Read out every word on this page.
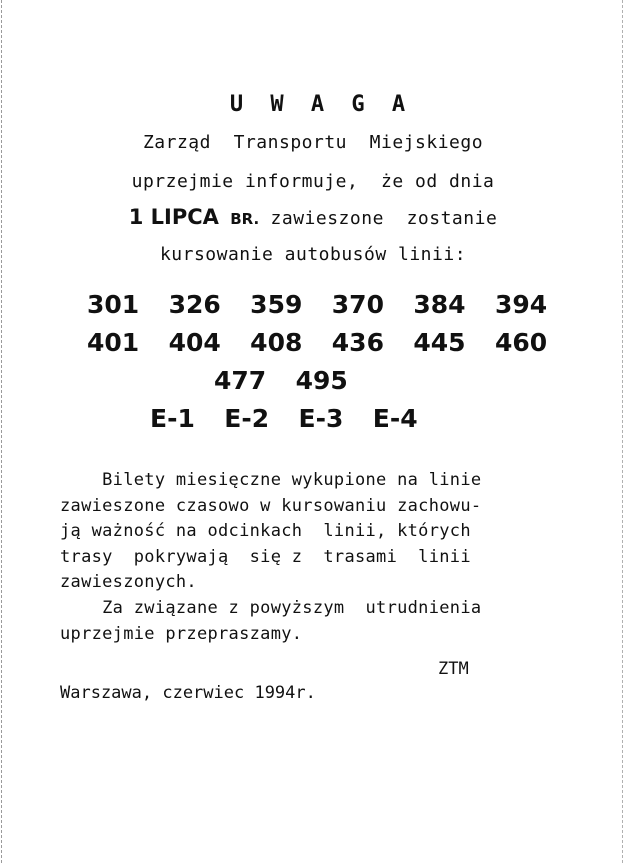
U W A G A
Zarząd  Transportu  Miejskiego
uprzejmie informuje,  że od dnia
1 LIPCA BR. zawieszone  zostanie
kursowanie autobusów linii:
301  326  359  370  384  394
401  404  408  436  445  460
477  495
E-1  E-2  E-3  E-4
Bilety miesięczne wykupione na linie
zawieszone czasowo w kursowaniu zachowu-
ją ważność na odcinkach  linii, których
trasy  pokrywają  się z  trasami  linii
zawieszonych.
Za związane z powyższym  utrudnienia
uprzejmie przepraszamy.
ZTM
Warszawa, czerwiec 1994r.
